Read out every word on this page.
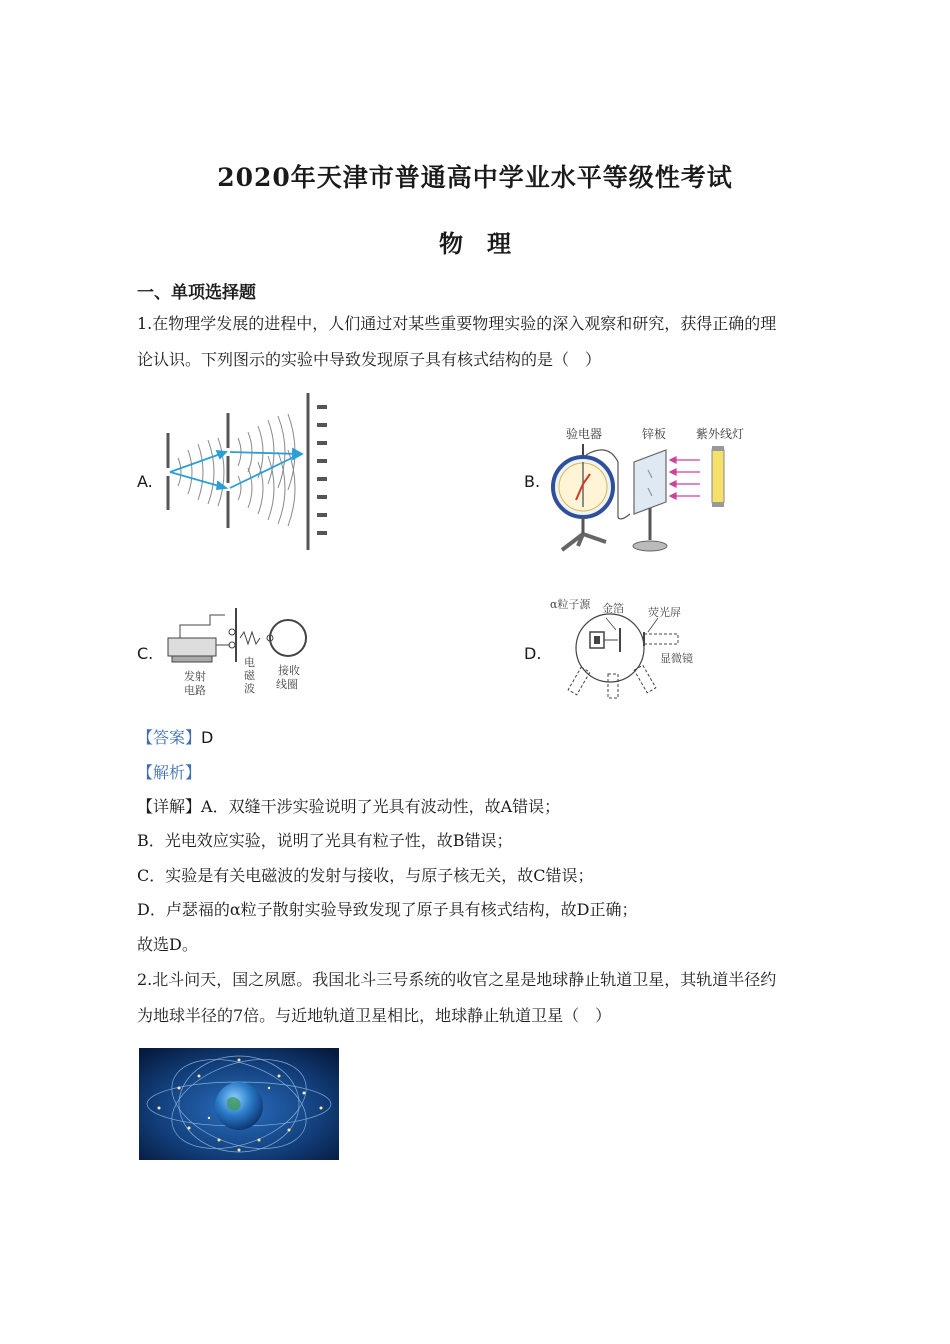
2020年天津市普通高中学业水平等级性考试
物 理
一、单项选择题
1.在物理学发展的进程中，人们通过对某些重要物理实验的深入观察和研究，获得正确的理
论认识。下列图示的实验中导致发现原子具有核式结构的是（　）
A.	B.
验电器	锌板 紫外线灯
C.
发射
电路
电
磁
波
接收
线圈
D.
α粒子源 金箔 荧光屏
显微镜
【答案】D
【解析】
【详解】A．双缝干涉实验说明了光具有波动性，故A错误；
B．光电效应实验，说明了光具有粒子性，故B错误；
C．实验是有关电磁波的发射与接收，与原子核无关，故C错误；
D．卢瑟福的α粒子散射实验导致发现了原子具有核式结构，故D正确；
故选D。
2.北斗问天，国之夙愿。我国北斗三号系统的收官之星是地球静止轨道卫星，其轨道半径约
为地球半径的7倍。与近地轨道卫星相比，地球静止轨道卫星（　）
